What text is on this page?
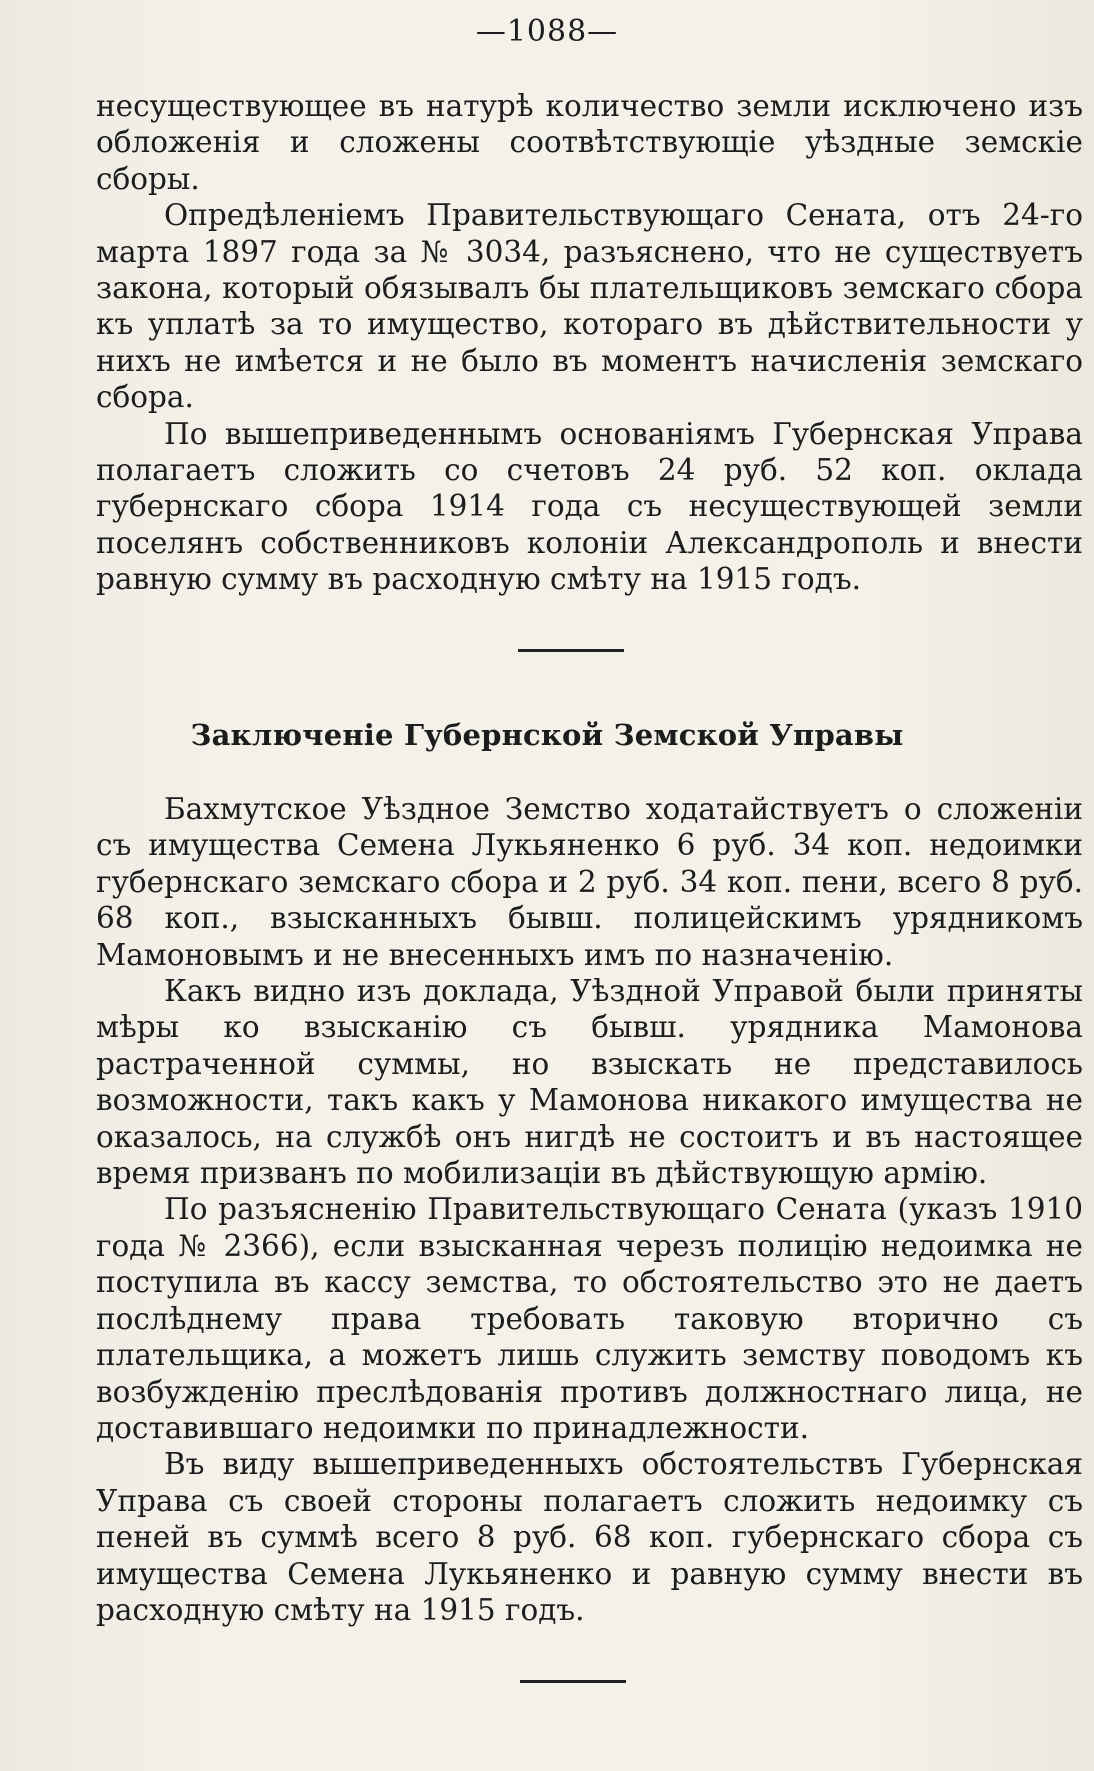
—1088—

несуществующее въ натурѣ количество земли исключено изъ обложенія и сложены соотвѣтствующіе уѣздные земскіе сборы.

Опредѣленіемъ Правительствующаго Сената, отъ 24-го марта 1897 года за № 3034, разъяснено, что не существуетъ закона, который обязывалъ бы плательщиковъ земскаго сбора къ уплатѣ за то имущество, котораго въ дѣйствительности у нихъ не имѣется и не было въ моментъ начисленія земскаго сбора.

По вышеприведеннымъ основаніямъ Губернская Управа полагаетъ сложить со счетовъ 24 руб. 52 коп. оклада губернскаго сбора 1914 года съ несуществующей земли поселянъ собственниковъ колоніи Александрополь и внести равную сумму въ расходную смѣту на 1915 годъ.

Заключеніе Губернской Земской Управы

Бахмутское Уѣздное Земство ходатайствуетъ о сложеніи съ имущества Семена Лукьяненко 6 руб. 34 коп. недоимки губернскаго земскаго сбора и 2 руб. 34 коп. пени, всего 8 руб. 68 коп., взысканныхъ бывш. полицейскимъ урядникомъ Мамоновымъ и не внесенныхъ имъ по назначенію.

Какъ видно изъ доклада, Уѣздной Управой были приняты мѣры ко взысканію съ бывш. урядника Мамонова растраченной суммы, но взыскать не представилось возможности, такъ какъ у Мамонова никакого имущества не оказалось, на службѣ онъ нигдѣ не состоитъ и въ настоящее время призванъ по мобилизаціи въ дѣйствующую армію.

По разъясненію Правительствующаго Сената (указъ 1910 года № 2366), если взысканная черезъ полицію недоимка не поступила въ кассу земства, то обстоятельство это не даетъ послѣднему права требовать таковую вторично съ плательщика, а можетъ лишь служить земству поводомъ къ возбужденію преслѣдованія противъ должностнаго лица, не доставившаго недоимки по принадлежности.

Въ виду вышеприведенныхъ обстоятельствъ Губернская Управа съ своей стороны полагаетъ сложить недоимку съ пеней въ суммѣ всего 8 руб. 68 коп. губернскаго сбора съ имущества Семена Лукьяненко и равную сумму внести въ расходную смѣту на 1915 годъ.
